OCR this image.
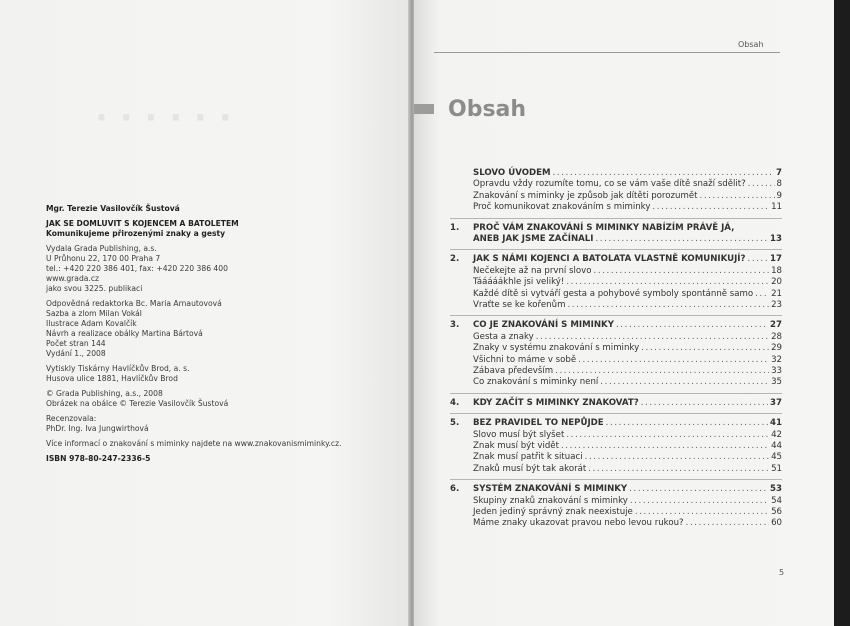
· · · · · ·
Mgr. Terezie Vasilovčík Šustová
JAK SE DOMLUVIT S KOJENCEM A BATOLETEM
Komunikujeme přirozenými znaky a gesty
Vydala Grada Publishing, a.s.
U Průhonu 22, 170 00 Praha 7
tel.: +420 220 386 401, fax: +420 220 386 400
www.grada.cz
jako svou 3225. publikaci
Odpovědná redaktorka Bc. Maria Arnautovová
Sazba a zlom Milan Vokál
Ilustrace Adam Kovalčík
Návrh a realizace obálky Martina Bártová
Počet stran 144
Vydání 1., 2008
Vytiskly Tiskárny Havlíčkův Brod, a. s.
Husova ulice 1881, Havlíčkův Brod
© Grada Publishing, a.s., 2008
Obrázek na obálce © Terezie Vasilovčík Šustová
Recenzovala:
PhDr. Ing. Iva Jungwirthová
Více informací o znakování s miminky najdete na www.znakovanismiminky.cz.
ISBN 978-80-247-2336-5
Obsah
Obsah
SLOVO ÚVODEM .....	7
Opravdu vždy rozumíte tomu, co se vám vaše dítě snaží sdělit? .....	8
Znakování s miminky je způsob jak dítěti porozumět .....	9
Proč komunikovat znakováním s miminky .....	11
1.	PROČ VÁM ZNAKOVÁNÍ S MIMINKY NABÍZÍM PRÁVĚ JÁ,
ANEB JAK JSME ZAČÍNALI .....	13
2.	JAK S NÁMI KOJENCI A BATOLATA VLASTNĚ KOMUNIKUJÍ? .....	17
Nečekejte až na první slovo .....	18
Tááááákhle jsi veliký! .....	20
Každé dítě si vytváří gesta a pohybové symboly spontánně samo ..... 21
Vraťte se ke kořenům .....	23
3.	CO JE ZNAKOVÁNÍ S MIMINKY .....	27
Gesta a znaky .....	28
Znaky v systému znakování s miminky .....	29
Všichni to máme v sobě .....	32
Zábava především .....	33
Co znakování s miminky není .....	35
4.	KDY ZAČÍT S MIMINKY ZNAKOVAT? .....	37
5.	BEZ PRAVIDEL TO NEPŮJDE .....	41
Slovo musí být slyšet .....	42
Znak musí být vidět .....	44
Znak musí patřit k situaci .....	45
Znaků musí být tak akorát .....	51
6.	SYSTÉM ZNAKOVÁNÍ S MIMINKY .....	53
Skupiny znaků znakování s miminky .....	54
Jeden jediný správný znak neexistuje .....	56
Máme znaky ukazovat pravou nebo levou rukou? .....	60
5
